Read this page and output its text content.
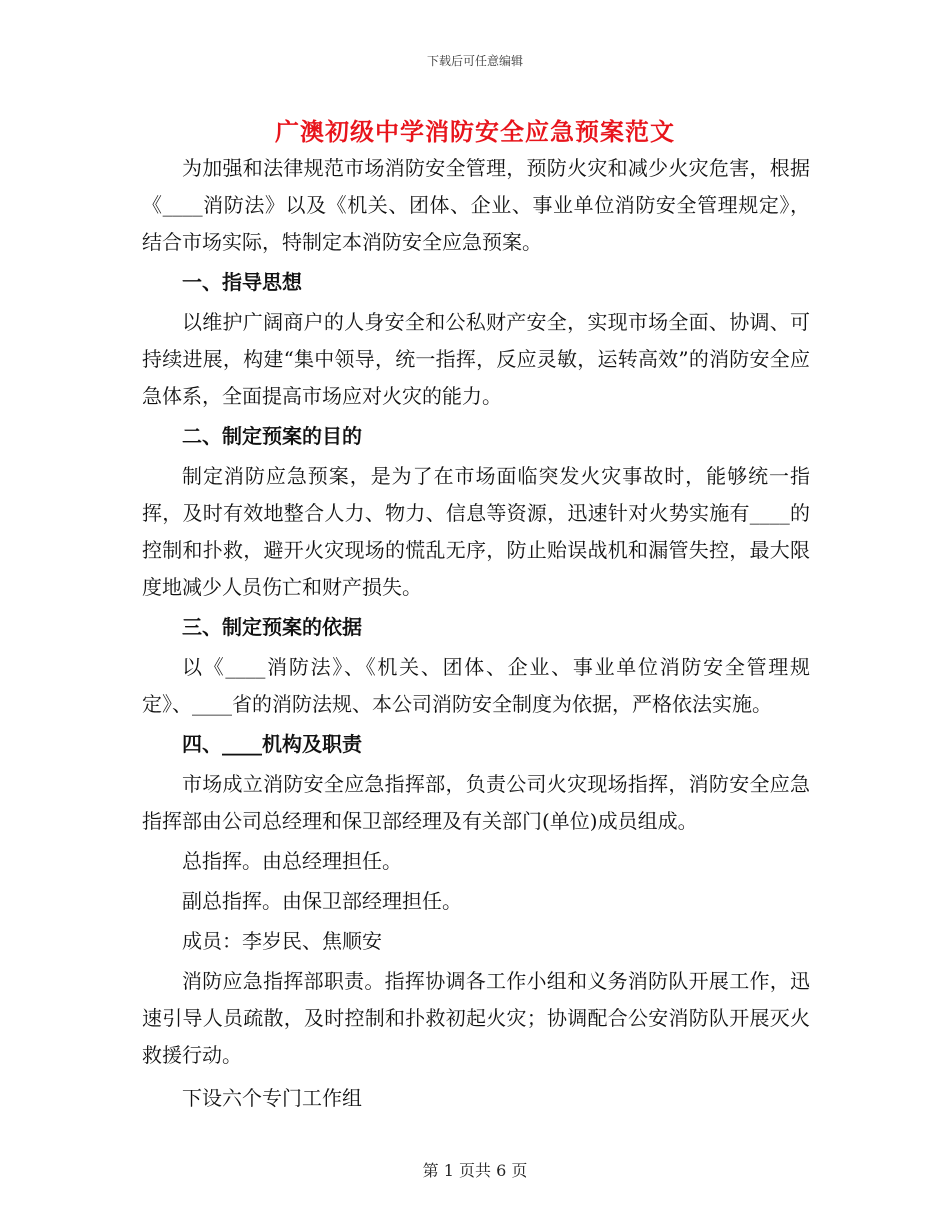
下载后可任意编辑
广澳初级中学消防安全应急预案范文

为加强和法律规范市场消防安全管理，预防火灾和减少火灾危害，根据《____消防法》以及《机关、团体、企业、事业单位消防安全管理规定》，结合市场实际，特制定本消防安全应急预案。

一、指导思想

以维护广阔商户的人身安全和公私财产安全，实现市场全面、协调、可持续进展，构建“集中领导，统一指挥，反应灵敏，运转高效”的消防安全应急体系，全面提高市场应对火灾的能力。

二、制定预案的目的

制定消防应急预案，是为了在市场面临突发火灾事故时，能够统一指挥，及时有效地整合人力、物力、信息等资源，迅速针对火势实施有____的控制和扑救，避开火灾现场的慌乱无序，防止贻误战机和漏管失控，最大限度地减少人员伤亡和财产损失。

三、制定预案的依据

以《____消防法》、《机关、团体、企业、事业单位消防安全管理规定》、____省的消防法规、本公司消防安全制度为依据，严格依法实施。

四、____机构及职责

市场成立消防安全应急指挥部，负责公司火灾现场指挥，消防安全应急指挥部由公司总经理和保卫部经理及有关部门(单位)成员组成。

总指挥。由总经理担任。

副总指挥。由保卫部经理担任。

成员：李岁民、焦顺安

消防应急指挥部职责。指挥协调各工作小组和义务消防队开展工作，迅速引导人员疏散，及时控制和扑救初起火灾；协调配合公安消防队开展灭火救援行动。

下设六个专门工作组

第 1 页共 6 页
